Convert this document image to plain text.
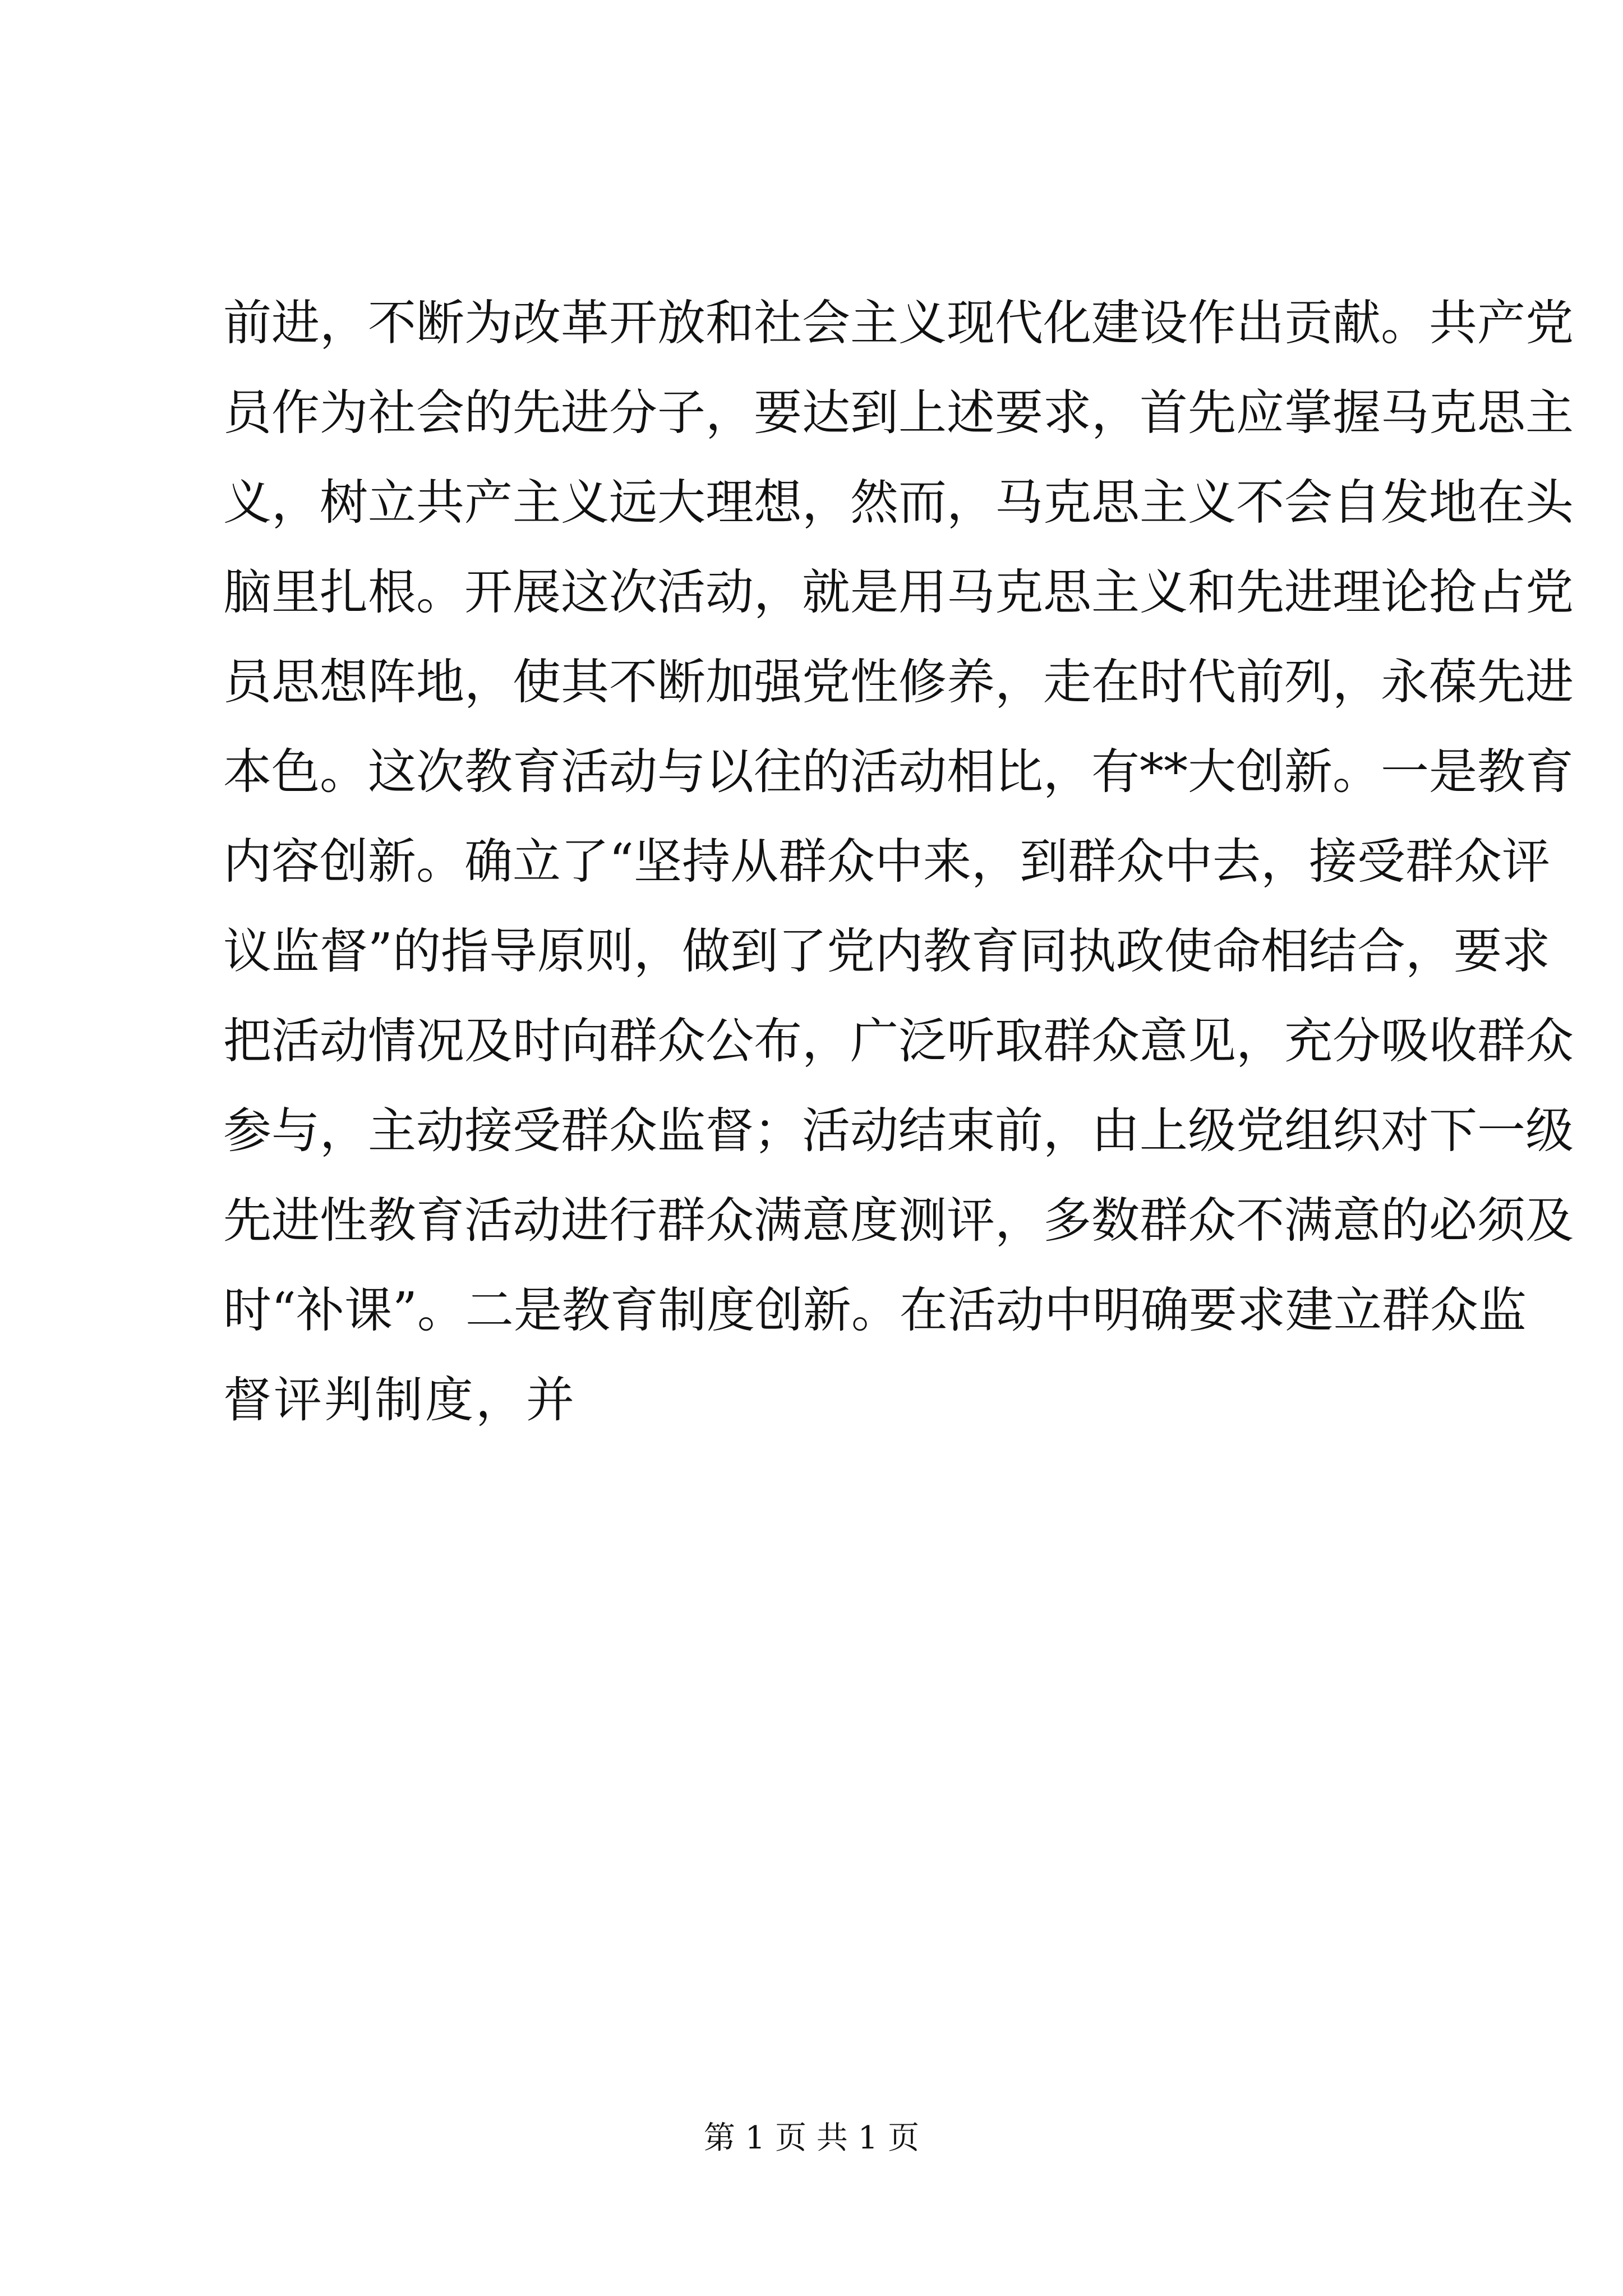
前进，不断为改革开放和社会主义现代化建设作出贡献。共产党
员作为社会的先进分子，要达到上述要求，首先应掌握马克思主
义，树立共产主义远大理想，然而，马克思主义不会自发地在头
脑里扎根。开展这次活动，就是用马克思主义和先进理论抢占党
员思想阵地，使其不断加强党性修养，走在时代前列，永葆先进
本色。这次教育活动与以往的活动相比，有**大创新。一是教育
内容创新。确立了“坚持从群众中来，到群众中去，接受群众评
议监督”的指导原则，做到了党内教育同执政使命相结合，要求
把活动情况及时向群众公布，广泛听取群众意见，充分吸收群众
参与，主动接受群众监督；活动结束前，由上级党组织对下一级
先进性教育活动进行群众满意度测评，多数群众不满意的必须及
时“补课”。二是教育制度创新。在活动中明确要求建立群众监
督评判制度，并
第 1 页 共 1 页
